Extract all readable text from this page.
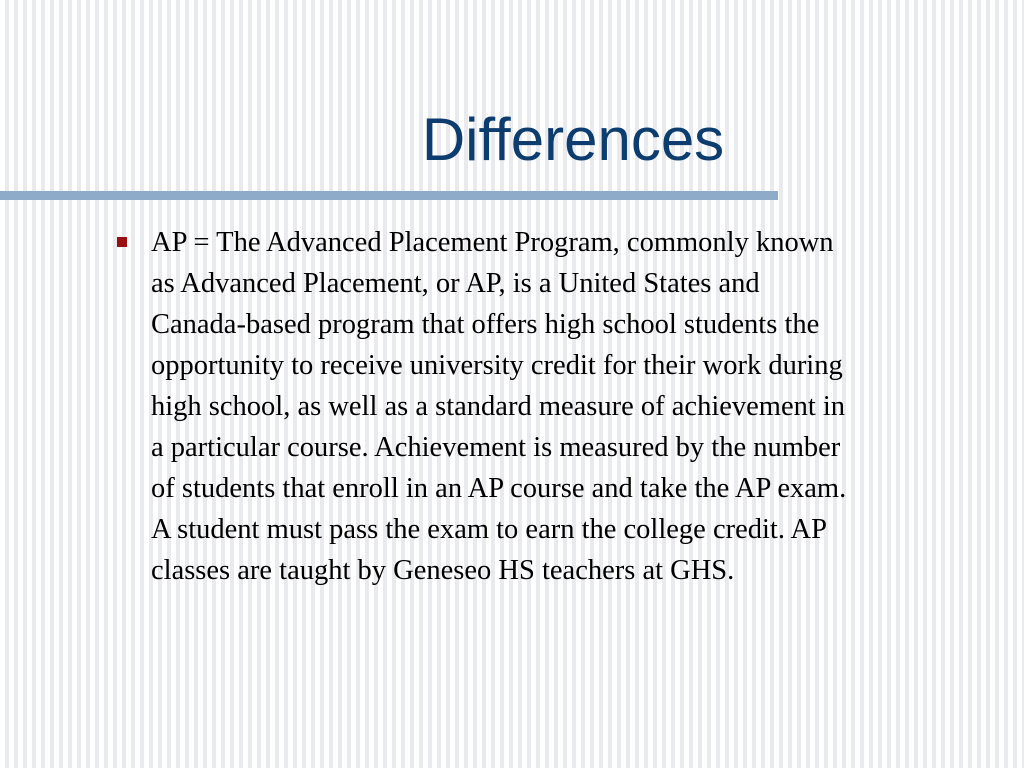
Differences
AP = The Advanced Placement Program, commonly known
as Advanced Placement, or AP, is a United States and
Canada-based program that offers high school students the
opportunity to receive university credit for their work during
high school, as well as a standard measure of achievement in
a particular course. Achievement is measured by the number
of students that enroll in an AP course and take the AP exam.
A student must pass the exam to earn the college credit. AP
classes are taught by Geneseo HS teachers at GHS.
